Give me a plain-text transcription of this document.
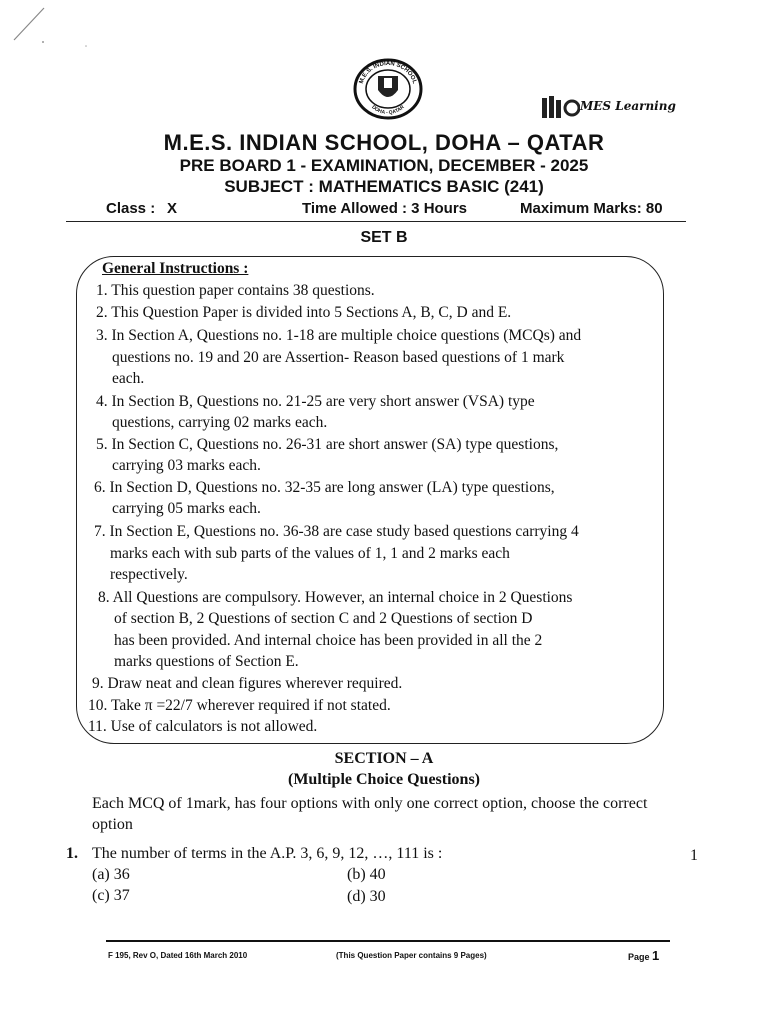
M.E.S. INDIAN SCHOOL
DOHA - QATAR	MES Learning
M.E.S. INDIAN SCHOOL, DOHA – QATAR
PRE BOARD 1 - EXAMINATION, DECEMBER - 2025
SUBJECT : MATHEMATICS BASIC (241)
Class : X	Time Allowed : 3 Hours	Maximum Marks: 80
SET B
General Instructions :
1. This question paper contains 38 questions.
2. This Question Paper is divided into 5 Sections A, B, C, D and E.
3. In Section A, Questions no. 1-18 are multiple choice questions (MCQs) and
questions no. 19 and 20 are Assertion- Reason based questions of 1 mark
each.
4. In Section B, Questions no. 21-25 are very short answer (VSA) type
questions, carrying 02 marks each.
5. In Section C, Questions no. 26-31 are short answer (SA) type questions,
carrying 03 marks each.
6. In Section D, Questions no. 32-35 are long answer (LA) type questions,
carrying 05 marks each.
7. In Section E, Questions no. 36-38 are case study based questions carrying 4
marks each with sub parts of the values of 1, 1 and 2 marks each
respectively.
8. All Questions are compulsory. However, an internal choice in 2 Questions
of section B, 2 Questions of section C and 2 Questions of section D
has been provided. And internal choice has been provided in all the 2
marks questions of Section E.
9. Draw neat and clean figures wherever required.
10. Take π =22/7 wherever required if not stated.
11. Use of calculators is not allowed.
SECTION – A
(Multiple Choice Questions)
Each MCQ of 1mark, has four options with only one correct option, choose the correct option
1. The number of terms in the A.P. 3, 6, 9, 12, …, 111 is :	1
(a) 36	(b) 40
(c) 37	(d) 30
F 195, Rev O, Dated 16th March 2010	(This Question Paper contains 9 Pages)	Page 1
